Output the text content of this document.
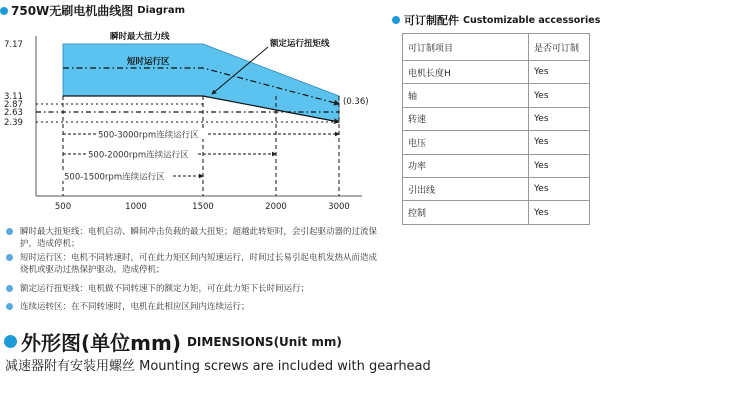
750W无刷电机曲线图 Diagram
500-3000rpm连续运行区
500-2000rpm连续运行区
500-1500rpm连续运行区
瞬时最大扭力线
短时运行区
额定运行扭矩线
(0.36)
7.17
3.11
2.87
2.63
2.39
500	1000	1500	2000	3000
瞬时最大扭矩线：电机启动、瞬间冲击负载的最大扭矩；超越此转矩时，会引起驱动器的过流保护，造成停机；
短时运行区：电机不同转速时，可在此力矩区间内短速运行，时间过长易引起电机发热从而造成烧机或驱动过热保护驱动，造成停机；
额定运行扭矩线：电机做不同转速下的额定力矩，可在此力矩下长时间运行；
连续运转区：在不同转速时，电机在此相应区间内连续运行；
可订制配件 Customizable accessories
可订制项目	是否可订制
电机长度H	Yes
轴	Yes
转速	Yes
电压	Yes
功率	Yes
引出线	Yes
控制	Yes
外形图(单位mm) DIMENSIONS(Unit mm)
减速器附有安装用螺丝 Mounting screws are included with gearhead
